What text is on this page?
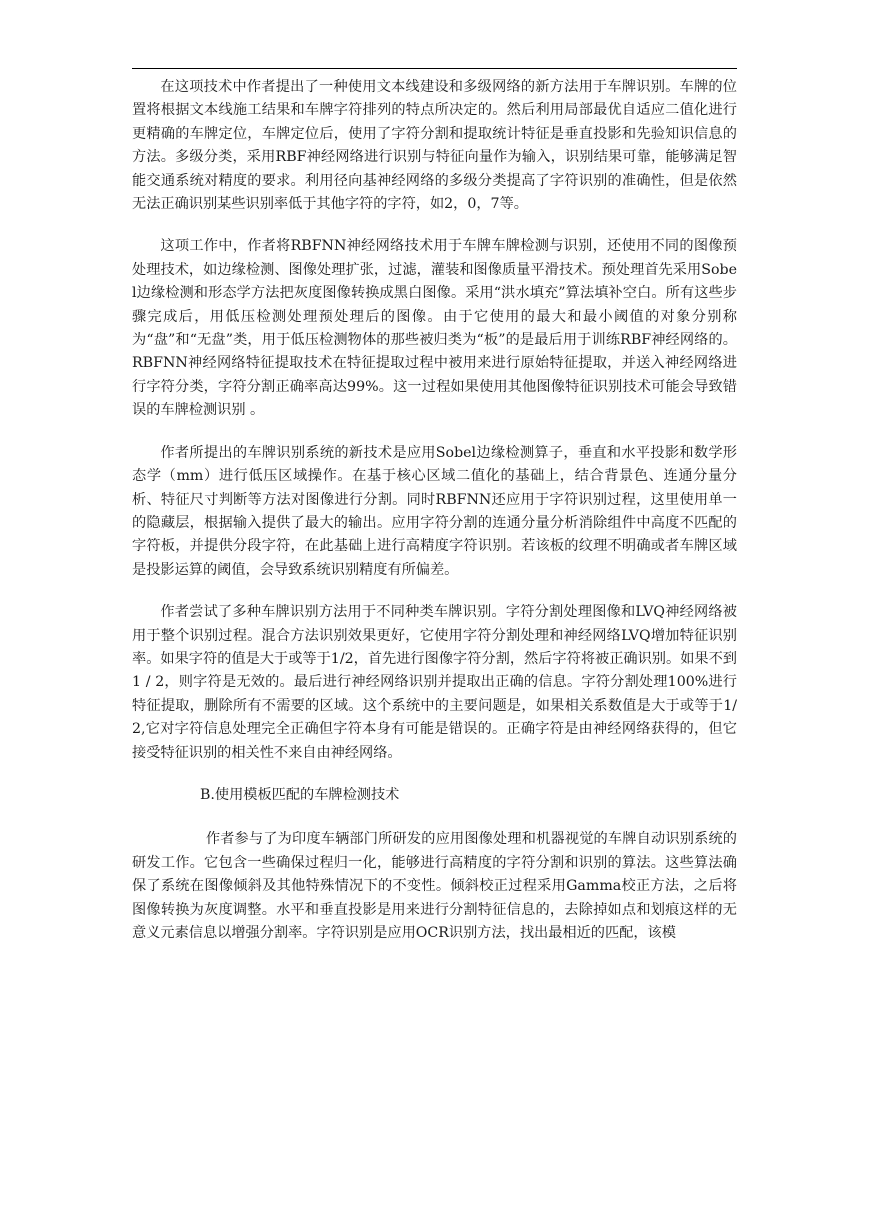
在这项技术中作者提出了一种使用文本线建设和多级网络的新方法用于车牌识别。车牌的位置将根据文本线施工结果和车牌字符排列的特点所决定的。然后利用局部最优自适应二值化进行更精确的车牌定位，车牌定位后，使用了字符分割和提取统计特征是垂直投影和先验知识信息的方法。多级分类，采用RBF神经网络进行识别与特征向量作为输入，识别结果可靠，能够满足智能交通系统对精度的要求。利用径向基神经网络的多级分类提高了字符识别的准确性，但是依然无法正确识别某些识别率低于其他字符的字符，如2，0，7等。

这项工作中，作者将RBFNN神经网络技术用于车牌车牌检测与识别，还使用不同的图像预处理技术，如边缘检测、图像处理扩张，过滤，灌装和图像质量平滑技术。预处理首先采用Sobel边缘检测和形态学方法把灰度图像转换成黑白图像。采用“洪水填充”算法填补空白。所有这些步骤完成后，用低压检测处理预处理后的图像。由于它使用的最大和最小阈值的对象分别称为“盘”和“无盘”类，用于低压检测物体的那些被归类为“板”的是最后用于训练RBF神经网络的。RBFNN神经网络特征提取技术在特征提取过程中被用来进行原始特征提取，并送入神经网络进行字符分类，字符分割正确率高达99%。这一过程如果使用其他图像特征识别技术可能会导致错误的车牌检测识别 。

作者所提出的车牌识别系统的新技术是应用Sobel边缘检测算子，垂直和水平投影和数学形态学（mm）进行低压区域操作。在基于核心区域二值化的基础上，结合背景色、连通分量分析、特征尺寸判断等方法对图像进行分割。同时RBFNN还应用于字符识别过程，这里使用单一的隐藏层，根据输入提供了最大的输出。应用字符分割的连通分量分析消除组件中高度不匹配的字符板，并提供分段字符，在此基础上进行高精度字符识别。若该板的纹理不明确或者车牌区域是投影运算的阈值，会导致系统识别精度有所偏差。

作者尝试了多种车牌识别方法用于不同种类车牌识别。字符分割处理图像和LVQ神经网络被用于整个识别过程。混合方法识别效果更好，它使用字符分割处理和神经网络LVQ增加特征识别率。如果字符的值是大于或等于1/2，首先进行图像字符分割，然后字符将被正确识别。如果不到1 / 2，则字符是无效的。最后进行神经网络识别并提取出正确的信息。字符分割处理100%进行特征提取，删除所有不需要的区域。这个系统中的主要问题是，如果相关系数值是大于或等于1/2,它对字符信息处理完全正确但字符本身有可能是错误的。正确字符是由神经网络获得的，但它接受特征识别的相关性不来自由神经网络。

B.使用模板匹配的车牌检测技术

作者参与了为印度车辆部门所研发的应用图像处理和机器视觉的车牌自动识别系统的研发工作。它包含一些确保过程归一化，能够进行高精度的字符分割和识别的算法。这些算法确保了系统在图像倾斜及其他特殊情况下的不变性。倾斜校正过程采用Gamma校正方法，之后将图像转换为灰度调整。水平和垂直投影是用来进行分割特征信息的，去除掉如点和划痕这样的无意义元素信息以增强分割率。字符识别是应用OCR识别方法，找出最相近的匹配，该模
